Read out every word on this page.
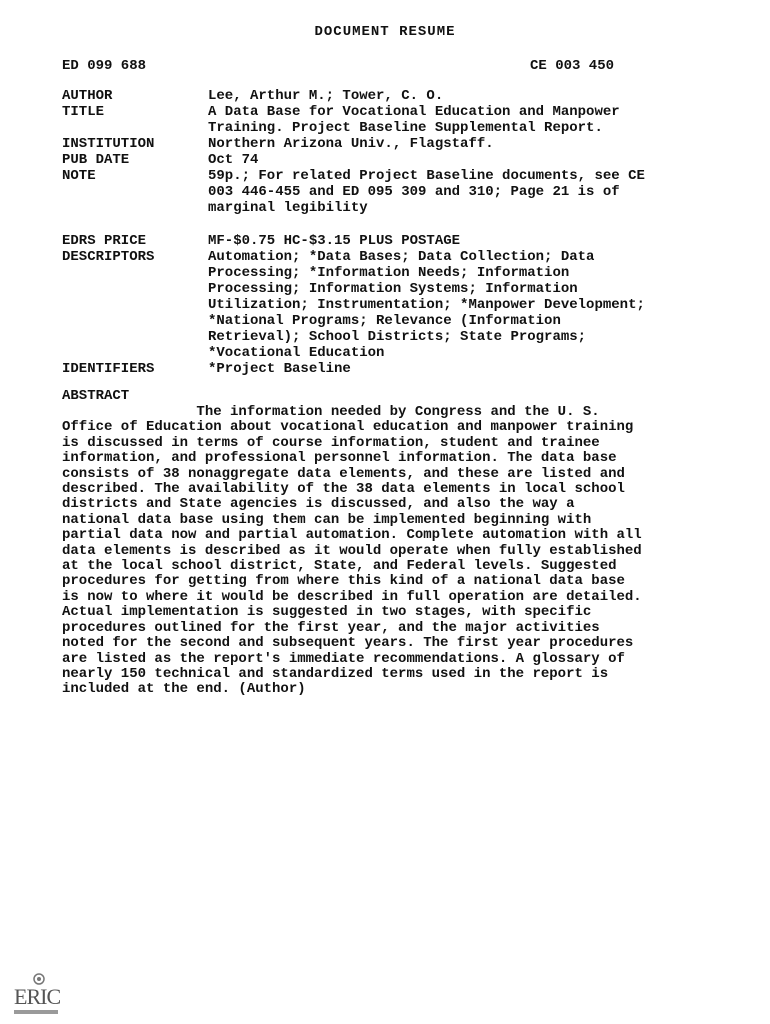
DOCUMENT RESUME
ED 099 688	CE 003 450
AUTHOR	Lee, Arthur M.; Tower, C. O.
TITLE	A Data Base for Vocational Education and Manpower
Training. Project Baseline Supplemental Report.
INSTITUTION	Northern Arizona Univ., Flagstaff.
PUB DATE	Oct 74
NOTE	59p.; For related Project Baseline documents, see CE
003 446-455 and ED 095 309 and 310; Page 21 is of
marginal legibility
EDRS PRICE	MF-$0.75 HC-$3.15 PLUS POSTAGE
DESCRIPTORS	Automation; *Data Bases; Data Collection; Data
Processing; *Information Needs; Information
Processing; Information Systems; Information
Utilization; Instrumentation; *Manpower Development;
*National Programs; Relevance (Information
Retrieval); School Districts; State Programs;
*Vocational Education
IDENTIFIERS	*Project Baseline
ABSTRACT
The information needed by Congress and the U. S.
Office of Education about vocational education and manpower training
is discussed in terms of course information, student and trainee
information, and professional personnel information. The data base
consists of 38 nonaggregate data elements, and these are listed and
described. The availability of the 38 data elements in local school
districts and State agencies is discussed, and also the way a
national data base using them can be implemented beginning with
partial data now and partial automation. Complete automation with all
data elements is described as it would operate when fully established
at the local school district, State, and Federal levels. Suggested
procedures for getting from where this kind of a national data base
is now to where it would be described in full operation are detailed.
Actual implementation is suggested in two stages, with specific
procedures outlined for the first year, and the major activities
noted for the second and subsequent years. The first year procedures
are listed as the report's immediate recommendations. A glossary of
nearly 150 technical and standardized terms used in the report is
included at the end. (Author)
ERIC
